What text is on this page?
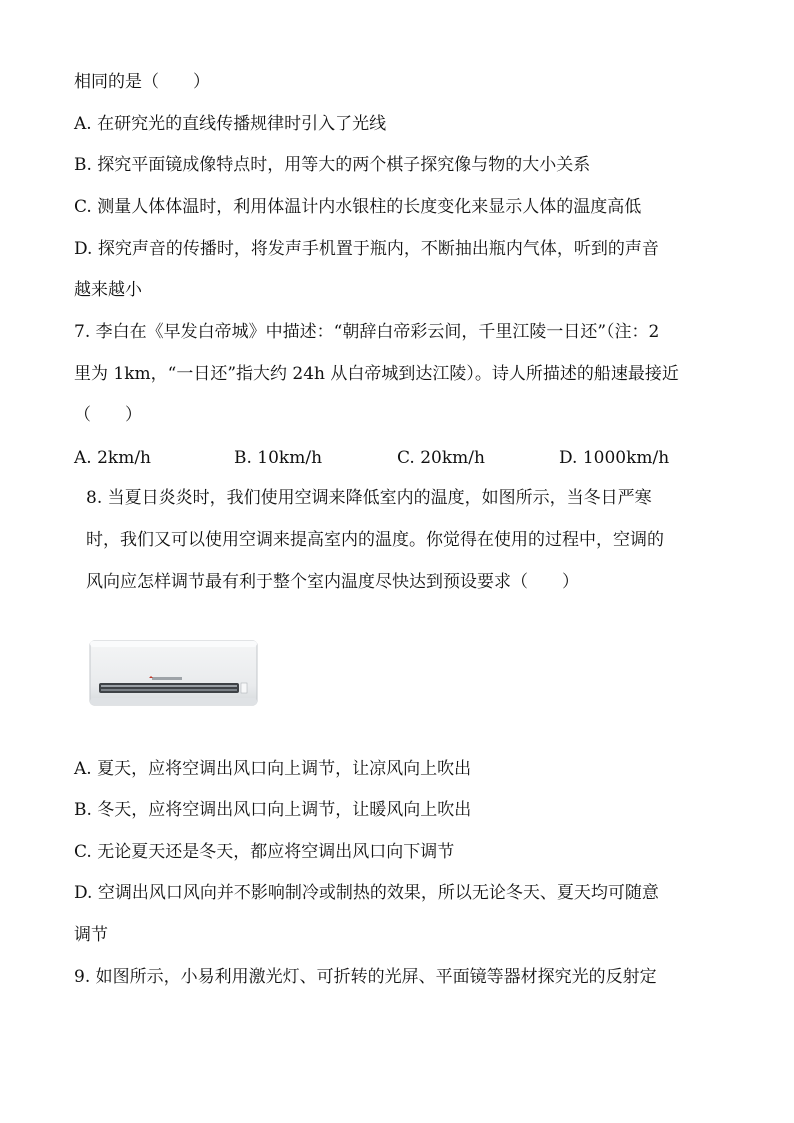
相同的是（　　）
A. 在研究光的直线传播规律时引入了光线
B. 探究平面镜成像特点时，用等大的两个棋子探究像与物的大小关系
C. 测量人体体温时，利用体温计内水银柱的长度变化来显示人体的温度高低
D. 探究声音的传播时，将发声手机置于瓶内，不断抽出瓶内气体，听到的声音
越来越小
7. 李白在《早发白帝城》中描述：“朝辞白帝彩云间，千里江陵一日还”（注：2
里为 1km，“一日还”指大约 24h 从白帝城到达江陵）。诗人所描述的船速最接近
（　　）
A. 2km/h	B. 10km/h	C. 20km/h	D. 1000km/h
8. 当夏日炎炎时，我们使用空调来降低室内的温度，如图所示，当冬日严寒
时，我们又可以使用空调来提高室内的温度。你觉得在使用的过程中，空调的
风向应怎样调节最有利于整个室内温度尽快达到预设要求（　　）
A. 夏天，应将空调出风口向上调节，让凉风向上吹出
B. 冬天，应将空调出风口向上调节，让暖风向上吹出
C. 无论夏天还是冬天，都应将空调出风口向下调节
D. 空调出风口风向并不影响制冷或制热的效果，所以无论冬天、夏天均可随意
调节
9. 如图所示，小易利用激光灯、可折转的光屏、平面镜等器材探究光的反射定
